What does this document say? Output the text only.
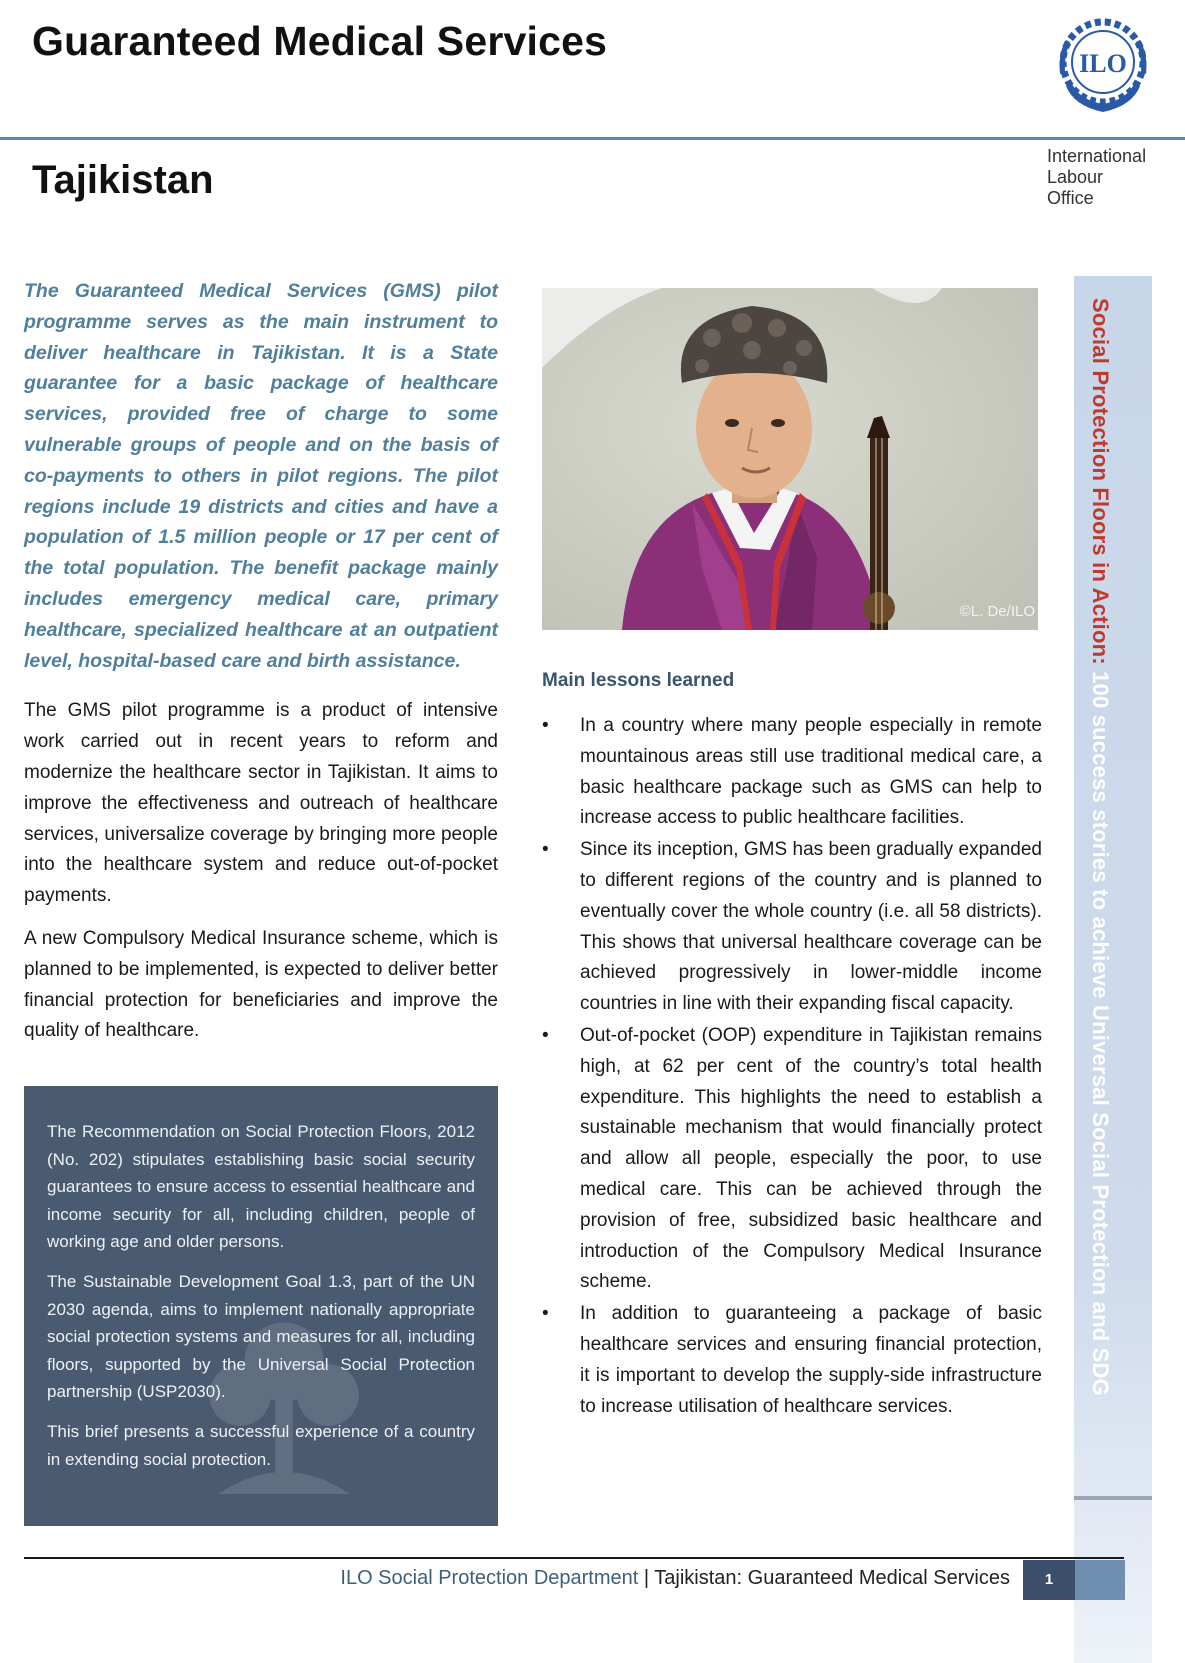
Guaranteed Medical Services	ILO
Tajikistan
International
Labour
Office

The Guaranteed Medical Services (GMS) pilot programme serves as the main instrument to deliver healthcare in Tajikistan. It is a State guarantee for a basic package of healthcare services, provided free of charge to some vulnerable groups of people and on the basis of co-payments to others in pilot regions. The pilot regions include 19 districts and cities and have a population of 1.5 million people or 17 per cent of the total population. The benefit package mainly includes emergency medical care, primary healthcare, specialized healthcare at an outpatient level, hospital-based care and birth assistance.

The GMS pilot programme is a product of intensive work carried out in recent years to reform and modernize the healthcare sector in Tajikistan. It aims to improve the effectiveness and outreach of healthcare services, universalize coverage by bringing more people into the healthcare system and reduce out-of-pocket payments.

A new Compulsory Medical Insurance scheme, which is planned to be implemented, is expected to deliver better financial protection for beneficiaries and improve the quality of healthcare.

The Recommendation on Social Protection Floors, 2012 (No. 202) stipulates establishing basic social security guarantees to ensure access to essential healthcare and income security for all, including children, people of working age and older persons.

The Sustainable Development Goal 1.3, part of the UN 2030 agenda, aims to implement nationally appropriate social protection systems and measures for all, including floors, supported by the Universal Social Protection partnership (USP2030).

This brief presents a successful experience of a country in extending social protection.

©L. De/ILO
Main lessons learned
• In a country where many people especially in remote mountainous areas still use traditional medical care, a basic healthcare package such as GMS can help to increase access to public healthcare facilities.
• Since its inception, GMS has been gradually expanded to different regions of the country and is planned to eventually cover the whole country (i.e. all 58 districts). This shows that universal healthcare coverage can be achieved progressively in lower-middle income countries in line with their expanding fiscal capacity.
• Out-of-pocket (OOP) expenditure in Tajikistan remains high, at 62 per cent of the country’s total health expenditure. This highlights the need to establish a sustainable mechanism that would financially protect and allow all people, especially the poor, to use medical care. This can be achieved through the provision of free, subsidized basic healthcare and introduction of the Compulsory Medical Insurance scheme.
• In addition to guaranteeing a package of basic healthcare services and ensuring financial protection, it is important to develop the supply-side infrastructure to increase utilisation of healthcare services.
Social Protection Floors in Action: 100 success stories to achieve Universal Social Protection and SDG
ILO Social Protection Department | Tajikistan: Guaranteed Medical Services	1
